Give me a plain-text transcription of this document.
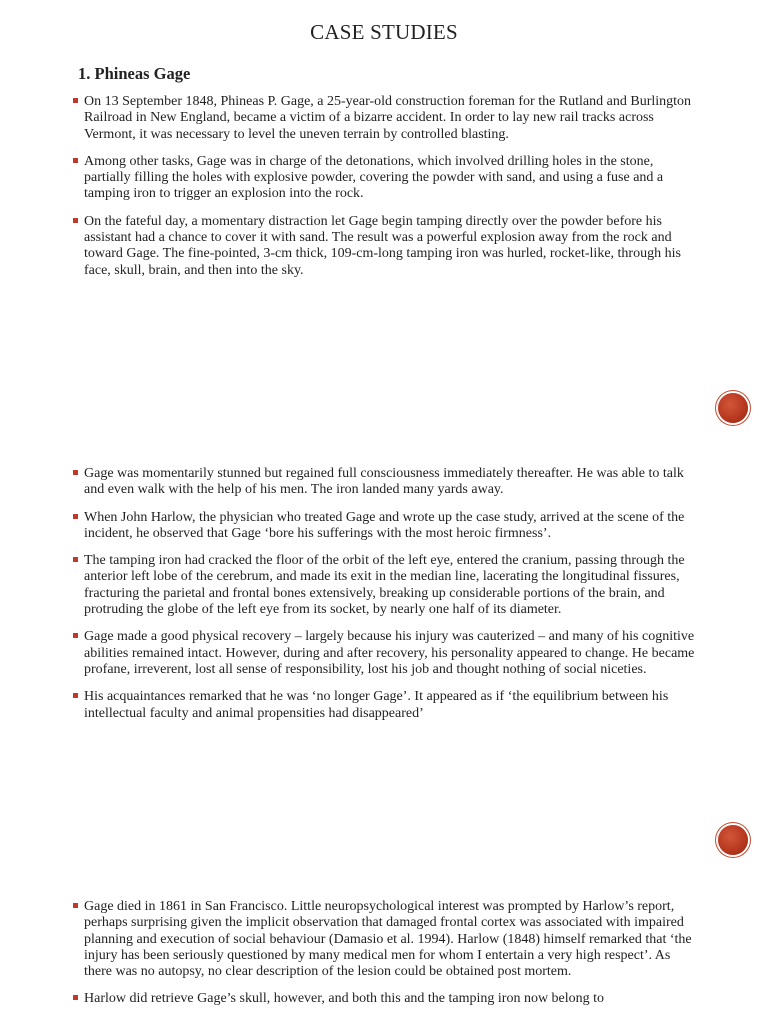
CASE STUDIES
1. Phineas Gage
On 13 September 1848, Phineas P. Gage, a 25-year-old construction foreman for the Rutland and Burlington Railroad in New England, became a victim of a bizarre accident. In order to lay new rail tracks across Vermont, it was necessary to level the uneven terrain by controlled blasting.
Among other tasks, Gage was in charge of the detonations, which involved drilling holes in the stone, partially filling the holes with explosive powder, covering the powder with sand, and using a fuse and a tamping iron to trigger an explosion into the rock.
On the fateful day, a momentary distraction let Gage begin tamping directly over the powder before his assistant had a chance to cover it with sand. The result was a powerful explosion away from the rock and toward Gage. The fine-pointed, 3-cm thick, 109-cm-long tamping iron was hurled, rocket-like, through his face, skull, brain, and then into the sky.
Gage was momentarily stunned but regained full consciousness immediately thereafter. He was able to talk and even walk with the help of his men. The iron landed many yards away.
When John Harlow, the physician who treated Gage and wrote up the case study, arrived at the scene of the incident, he observed that Gage ‘bore his sufferings with the most heroic firmness’.
The tamping iron had cracked the floor of the orbit of the left eye, entered the cranium, passing through the anterior left lobe of the cerebrum, and made its exit in the median line, lacerating the longitudinal fissures, fracturing the parietal and frontal bones extensively, breaking up considerable portions of the brain, and protruding the globe of the left eye from its socket, by nearly one half of its diameter.
Gage made a good physical recovery – largely because his injury was cauterized – and many of his cognitive abilities remained intact. However, during and after recovery, his personality appeared to change. He became profane, irreverent, lost all sense of responsibility, lost his job and thought nothing of social niceties.
His acquaintances remarked that he was ‘no longer Gage’. It appeared as if ‘the equilibrium between his intellectual faculty and animal propensities had disappeared’
Gage died in 1861 in San Francisco. Little neuropsychological interest was prompted by Harlow’s report, perhaps surprising given the implicit observation that damaged frontal cortex was associated with impaired planning and execution of social behaviour (Damasio et al. 1994). Harlow (1848) himself remarked that ‘the injury has been seriously questioned by many medical men for whom I entertain a very high respect’. As there was no autopsy, no clear description of the lesion could be obtained post mortem.
Harlow did retrieve Gage’s skull, however, and both this and the tamping iron now belong to
